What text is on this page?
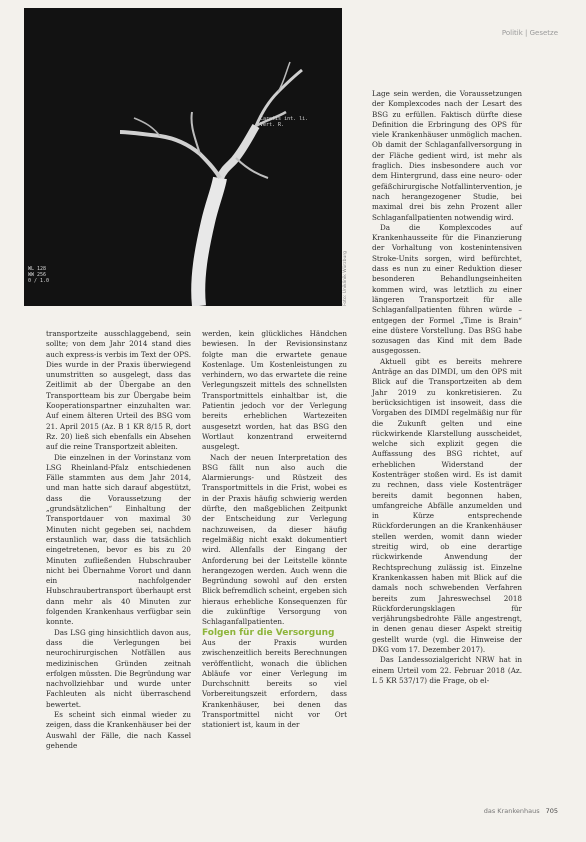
Politik | Gesetze
Carotis int. li.
Vert. R.
WL 128
WW 256
0 / 1.0	Foto: Uniklinik Würzburg

transportzeite ausschlaggebend, sein sollte; von dem Jahr 2014 stand dies auch express-is verbis im Text der OPS. Dies wurde in der Praxis überwiegend unumstritten so ausgelegt, dass das Zeitlimit ab der Übergabe an den Transportteam bis zur Übergabe beim Kooperationspartner einzuhalten war. Auf einem älteren Urteil des BSG vom 21. April 2015 (Az. B 1 KR 8/15 R, dort Rz. 20) ließ sich ebenfalls ein Absehen auf die reine Transportzeit ableiten.

Die einzelnen in der Vorinstanz vom LSG Rheinland-Pfalz entschiedenen Fälle stammten aus dem Jahr 2014, und man hatte sich darauf abgestützt, dass die Voraussetzung der „grundsätzlichen“ Einhaltung der Transportdauer von maximal 30 Minuten nicht gegeben sei, nachdem erstaunlich war, dass die tatsächlich eingetretenen, bevor es bis zu 20 Minuten zufließenden Hubschrauber nicht bei Übernahme Vorort und dann ein nachfolgender Hubschraubertransport überhaupt erst dann mehr als 40 Minuten zur folgenden Krankenhaus verfügbar sein konnte.

Das LSG ging hinsichtlich davon aus, dass die Verlegungen bei neurochirurgischen Notfällen aus medizinischen Gründen zeitnah erfolgen müssten. Die Begründung war nachvollziehbar und wurde unter Fachleuten als nicht überraschend bewertet.

Es scheint sich einmal wieder zu zeigen, dass die Krankenhäuser bei der Auswahl der Fälle, die nach Kassel gehende

werden, kein glückliches Händchen bewiesen. In der Revisionsinstanz folgte man die erwartete genaue Kostenlage. Um Kostenleistungen zu verhindern, wo das erwartete die reine Verlegungszeit mittels des schnellsten Transportmittels einhaltbar ist, die Patientin jedoch vor der Verlegung bereits erheblichen Wartezeiten ausgesetzt worden, hat das BSG den Wortlaut konzentrand erweiternd ausgelegt.

Nach der neuen Interpretation des BSG fällt nun also auch die Alarmierungs- und Rüstzeit des Transportmittels in die Frist, wobei es in der Praxis häufig schwierig werden dürfte, den maßgeblichen Zeitpunkt der Entscheidung zur Verlegung nachzuweisen, da dieser häufig regelmäßig nicht exakt dokumentiert wird. Allenfalls der Eingang der Anforderung bei der Leitstelle könnte herangezogen werden. Auch wenn die Begründung sowohl auf den ersten Blick befremdlich scheint, ergeben sich hieraus erhebliche Konsequenzen für die zukünftige Versorgung von Schlaganfallpatienten.

Folgen für die Versorgung

Aus der Praxis wurden zwischenzeitlich bereits Berechnungen veröffentlicht, wonach die üblichen Abläufe vor einer Verlegung im Durchschnitt bereits so viel Vorbereitungszeit erfordern, dass Krankenhäuser, bei denen das Transportmittel nicht vor Ort stationiert ist, kaum in der

Lage sein werden, die Voraussetzungen der Komplexcodes nach der Lesart des BSG zu erfüllen. Faktisch dürfte diese Definition die Erbringung des OPS für viele Krankenhäuser unmöglich machen. Ob damit der Schlaganfallversorgung in der Fläche gedient wird, ist mehr als fraglich. Dies insbesondere auch vor dem Hintergrund, dass eine neuro- oder gefäßchirurgische Notfallintervention, je nach herangezogener Studie, bei maximal drei bis zehn Prozent aller Schlaganfallpatienten notwendig wird.

Da die Komplexcodes auf Krankenhausseite für die Finanzierung der Vorhaltung von kostenintensiven Stroke-Units sorgen, wird befürchtet, dass es nun zu einer Reduktion dieser besonderen Behandlungseinheiten kommen wird, was letztlich zu einer längeren Transportzeit für alle Schlaganfallpatienten führen würde – entgegen der Formel „Time is Brain“ eine düstere Vorstellung. Das BSG habe sozusagen das Kind mit dem Bade ausgegossen.

Aktuell gibt es bereits mehrere Anträge an das DIMDI, um den OPS mit Blick auf die Transportzeiten ab dem Jahr 2019 zu konkretisieren. Zu berücksichtigen ist insoweit, dass die Vorgaben des DIMDI regelmäßig nur für die Zukunft gelten und eine rückwirkende Klarstellung ausscheidet, welche sich explizit gegen die Auffassung des BSG richtet, auf erheblichen Widerstand der Kostenträger stoßen wird. Es ist damit zu rechnen, dass viele Kostenträger bereits damit begonnen haben, umfangreiche Abfälle anzumelden und in Kürze entsprechende Rückforderungen an die Krankenhäuser stellen werden, womit dann wieder streitig wird, ob eine derartige rückwirkende Anwendung der Rechtsprechung zulässig ist. Einzelne Krankenkassen haben mit Blick auf die damals noch schwebenden Verfahren bereits zum Jahreswechsel 2018 Rückforderungsklagen für verjährungsbedrohte Fälle angestrengt, in denen genau dieser Aspekt streitig gestellt wurde (vgl. die Hinweise der DKG vom 17. Dezember 2017).

Das Landessozialgericht NRW hat in einem Urteil vom 22. Februar 2018 (Az. L 5 KR 537/17) die Frage, ob el-

das Krankenhaus 705
